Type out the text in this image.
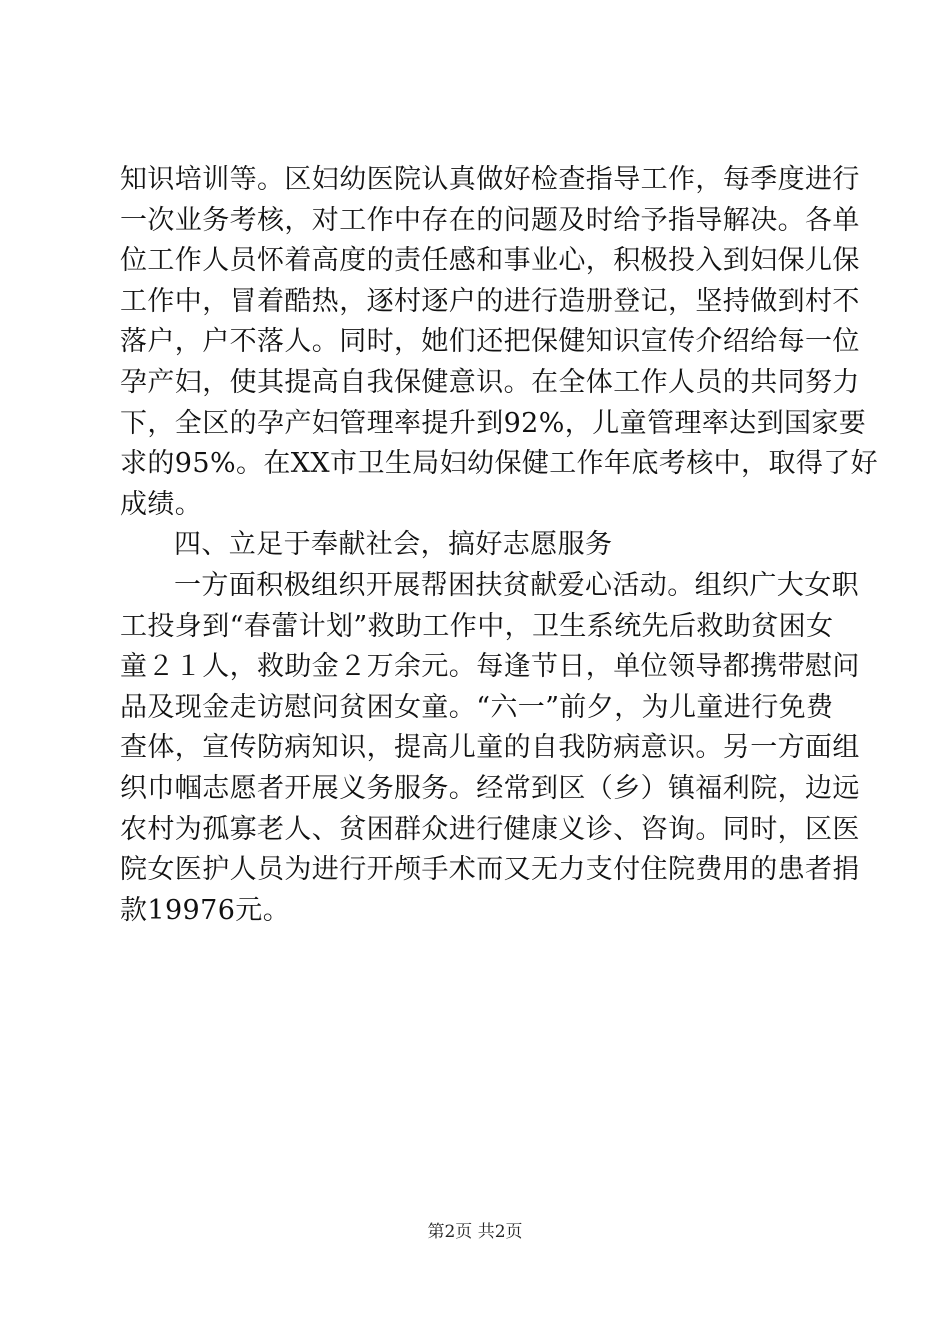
知识培训等。区妇幼医院认真做好检查指导工作，每季度进行
一次业务考核，对工作中存在的问题及时给予指导解决。各单
位工作人员怀着高度的责任感和事业心，积极投入到妇保儿保
工作中，冒着酷热，逐村逐户的进行造册登记，坚持做到村不
落户，户不落人。同时，她们还把保健知识宣传介绍给每一位
孕产妇，使其提高自我保健意识。在全体工作人员的共同努力
下，全区的孕产妇管理率提升到92%，儿童管理率达到国家要
求的95%。在XX市卫生局妇幼保健工作年底考核中，取得了好
成绩。
四、立足于奉献社会，搞好志愿服务
一方面积极组织开展帮困扶贫献爱心活动。组织广大女职
工投身到“春蕾计划”救助工作中，卫生系统先后救助贫困女
童２１人，救助金２万余元。每逢节日，单位领导都携带慰问
品及现金走访慰问贫困女童。“六一”前夕，为儿童进行免费
查体，宣传防病知识，提高儿童的自我防病意识。另一方面组
织巾帼志愿者开展义务服务。经常到区（乡）镇福利院，边远
农村为孤寡老人、贫困群众进行健康义诊、咨询。同时，区医
院女医护人员为进行开颅手术而又无力支付住院费用的患者捐
款19976元。
第2页 共2页
